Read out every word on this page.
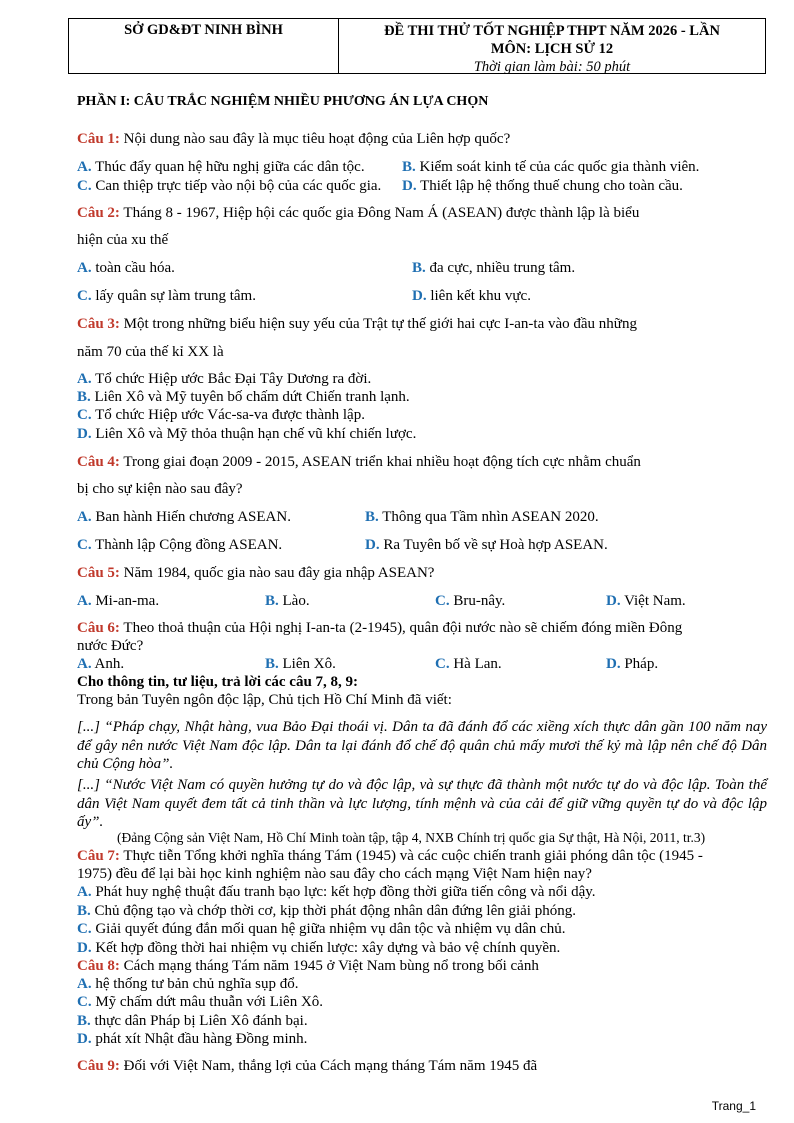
SỞ GD&ĐT NINH BÌNH	ĐỀ THI THỬ TỐT NGHIỆP THPT NĂM 2026 - LẦN
MÔN: LỊCH SỬ 12
Thời gian làm bài: 50 phút
PHẦN I: CÂU TRẮC NGHIỆM NHIỀU PHƯƠNG ÁN LỰA CHỌN
Câu 1: Nội dung nào sau đây là mục tiêu hoạt động của Liên hợp quốc?
A. Thúc đẩy quan hệ hữu nghị giữa các dân tộc. B. Kiểm soát kinh tế của các quốc gia thành viên.
C. Can thiệp trực tiếp vào nội bộ của các quốc gia. D. Thiết lập hệ thống thuế chung cho toàn cầu.
Câu 2: Tháng 8 - 1967, Hiệp hội các quốc gia Đông Nam Á (ASEAN) được thành lập là biểu
hiện của xu thế
A. toàn cầu hóa.	B. đa cực, nhiều trung tâm.
C. lấy quân sự làm trung tâm.	D. liên kết khu vực.
Câu 3: Một trong những biểu hiện suy yếu của Trật tự thế giới hai cực I-an-ta vào đầu những
năm 70 của thế kỉ XX là
A. Tổ chức Hiệp ước Bắc Đại Tây Dương ra đời.
B. Liên Xô và Mỹ tuyên bố chấm dứt Chiến tranh lạnh.
C. Tổ chức Hiệp ước Vác-sa-va được thành lập.
D. Liên Xô và Mỹ thỏa thuận hạn chế vũ khí chiến lược.
Câu 4: Trong giai đoạn 2009 - 2015, ASEAN triển khai nhiều hoạt động tích cực nhằm chuẩn
bị cho sự kiện nào sau đây?
A. Ban hành Hiến chương ASEAN.	B. Thông qua Tầm nhìn ASEAN 2020.
C. Thành lập Cộng đồng ASEAN.	D. Ra Tuyên bố về sự Hoà hợp ASEAN.
Câu 5: Năm 1984, quốc gia nào sau đây gia nhập ASEAN?
A. Mi-an-ma.	B. Lào.	C. Bru-nây.	D. Việt Nam.
Câu 6: Theo thoả thuận của Hội nghị I-an-ta (2-1945), quân đội nước nào sẽ chiếm đóng miền Đông
nước Đức?
A. Anh.	B. Liên Xô.	C. Hà Lan.	D. Pháp.
Cho thông tin, tư liệu, trả lời các câu 7, 8, 9:
Trong bản Tuyên ngôn độc lập, Chủ tịch Hồ Chí Minh đã viết:
[...] “Pháp chạy, Nhật hàng, vua Bảo Đại thoái vị. Dân ta đã đánh đổ các xiềng xích thực dân gần 100 năm nay để gây nên nước Việt Nam độc lập. Dân ta lại đánh đổ chế độ quân chủ mấy mươi thế kỷ mà lập nên chế độ Dân chủ Cộng hòa”.
[...] “Nước Việt Nam có quyền hưởng tự do và độc lập, và sự thực đã thành một nước tự do và độc lập. Toàn thể dân Việt Nam quyết đem tất cả tinh thần và lực lượng, tính mệnh và của cải để giữ vững quyền tự do và độc lập ấy”.
(Đảng Cộng sản Việt Nam, Hồ Chí Minh toàn tập, tập 4, NXB Chính trị quốc gia Sự thật, Hà Nội, 2011, tr.3)
Câu 7: Thực tiễn Tổng khởi nghĩa tháng Tám (1945) và các cuộc chiến tranh giải phóng dân tộc (1945 -
1975) đều để lại bài học kinh nghiệm nào sau đây cho cách mạng Việt Nam hiện nay?
A. Phát huy nghệ thuật đấu tranh bạo lực: kết hợp đồng thời giữa tiến công và nổi dậy.
B. Chủ động tạo và chớp thời cơ, kịp thời phát động nhân dân đứng lên giải phóng.
C. Giải quyết đúng đắn mối quan hệ giữa nhiệm vụ dân tộc và nhiệm vụ dân chủ.
D. Kết hợp đồng thời hai nhiệm vụ chiến lược: xây dựng và bảo vệ chính quyền.
Câu 8: Cách mạng tháng Tám năm 1945 ở Việt Nam bùng nổ trong bối cảnh
A. hệ thống tư bản chủ nghĩa sụp đổ.
C. Mỹ chấm dứt mâu thuẫn với Liên Xô.
B. thực dân Pháp bị Liên Xô đánh bại.
D. phát xít Nhật đầu hàng Đồng minh.
Câu 9: Đối với Việt Nam, thắng lợi của Cách mạng tháng Tám năm 1945 đã
Trang_1
